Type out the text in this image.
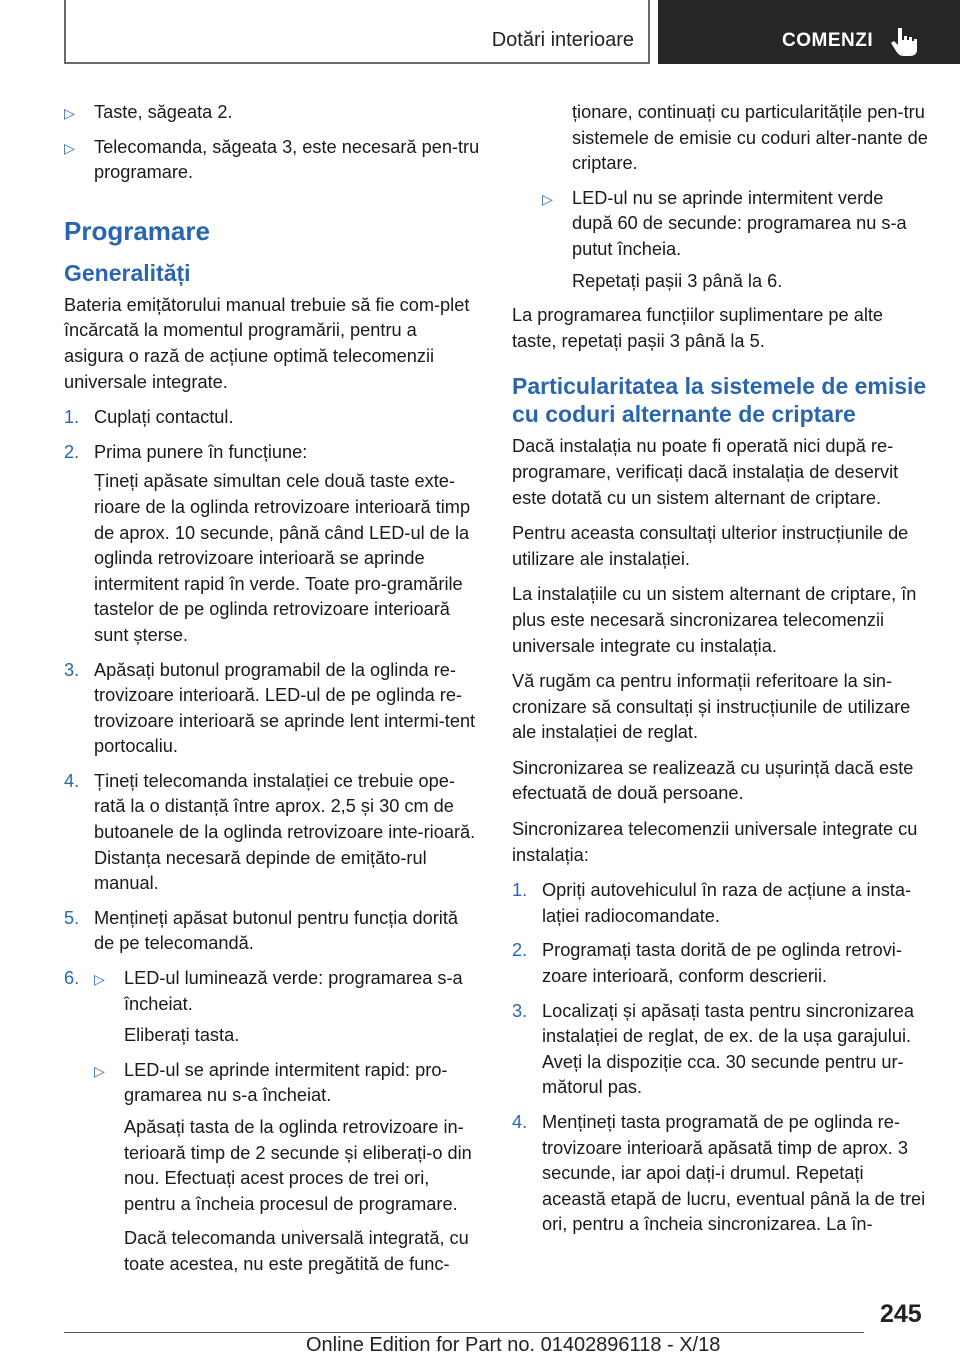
Dotări interioare	COMENZI
▷ Taste, săgeata 2.
▷ Telecomanda, săgeata 3, este necesară pen-tru programare.
Programare
Generalități

Bateria emițătorului manual trebuie să fie com-plet încărcată la momentul programării, pentru a asigura o rază de acțiune optimă telecomenzii universale integrate.

1. Cuplați contactul.
2. Prima punere în funcțiune:
Țineți apăsate simultan cele două taste exte-rioare de la oglinda retrovizoare interioară timp de aprox. 10 secunde, până când LED-ul de la oglinda retrovizoare interioară se aprinde intermitent rapid în verde. Toate pro-gramările tastelor de pe oglinda retrovizoare interioară sunt șterse.
3. Apăsați butonul programabil de la oglinda re-trovizoare interioară. LED-ul de pe oglinda re-trovizoare interioară se aprinde lent intermi-tent portocaliu.
4. Țineți telecomanda instalației ce trebuie ope-rată la o distanță între aprox. 2,5 și 30 cm de butoanele de la oglinda retrovizoare inte-rioară. Distanța necesară depinde de emițăto-rul manual.
5. Mențineți apăsat butonul pentru funcția dorită de pe telecomandă.
6. ▷ LED-ul luminează verde: programarea s-a încheiat.
Eliberați tasta.
▷ LED-ul se aprinde intermitent rapid: pro-gramarea nu s-a încheiat.
Apăsați tasta de la oglinda retrovizoare in-terioară timp de 2 secunde și eliberați-o din nou. Efectuați acest proces de trei ori, pentru a încheia procesul de programare.
Dacă telecomanda universală integrată, cu toate acestea, nu este pregătită de func-
ționare, continuați cu particularitățile pen-tru sistemele de emisie cu coduri alter-nante de criptare.
▷ LED-ul nu se aprinde intermitent verde după 60 de secunde: programarea nu s-a putut încheia.
Repetați pașii 3 până la 6.

La programarea funcțiilor suplimentare pe alte taste, repetați pașii 3 până la 5.

Particularitatea la sistemele de emisie cu coduri alternante de criptare

Dacă instalația nu poate fi operată nici după re-programare, verificați dacă instalația de deservit este dotată cu un sistem alternant de criptare.

Pentru aceasta consultați ulterior instrucțiunile de utilizare ale instalației.

La instalațiile cu un sistem alternant de criptare, în plus este necesară sincronizarea telecomenzii universale integrate cu instalația.

Vă rugăm ca pentru informații referitoare la sin-cronizare să consultați și instrucțiunile de utilizare ale instalației de reglat.

Sincronizarea se realizează cu ușurință dacă este efectuată de două persoane.

Sincronizarea telecomenzii universale integrate cu instalația:

1. Opriți autovehiculul în raza de acțiune a insta-lației radiocomandate.
2. Programați tasta dorită de pe oglinda retrovi-zoare interioară, conform descrierii.
3. Localizați și apăsați tasta pentru sincronizarea instalației de reglat, de ex. de la ușa garajului. Aveți la dispoziție cca. 30 secunde pentru ur-mătorul pas.
4. Mențineți tasta programată de pe oglinda re-trovizoare interioară apăsată timp de aprox. 3 secunde, iar apoi dați-i drumul. Repetați această etapă de lucru, eventual până la de trei ori, pentru a încheia sincronizarea. La în-
245
Online Edition for Part no. 01402896118 - X/18
